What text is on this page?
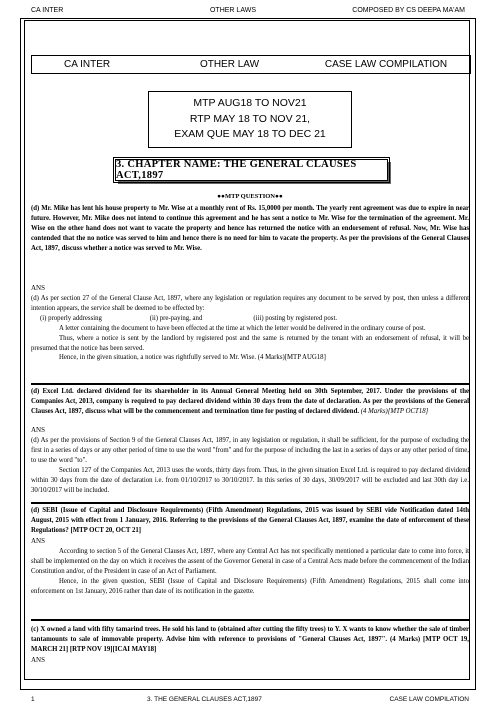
CA INTER	OTHER LAWS	COMPOSED BY CS DEEPA MA'AM
CA INTER	OTHER LAW	CASE LAW COMPILATION
MTP AUG18 TO NOV21
RTP MAY 18 TO NOV 21,
EXAM QUE MAY 18 TO DEC 21
3. CHAPTER NAME: THE GENERAL CLAUSES ACT,1897
●●MTP QUESTION●●
(d) Mr. Mike has lent his house property to Mr. Wise at a monthly rent of Rs. 15,0000 per month. The yearly rent agreement was due to expire in near future. However, Mr. Mike does not intend to continue this agreement and he has sent a notice to Mr. Wise for the termination of the agreement. Mr. Wise on the other hand does not want to vacate the property and hence has returned the notice with an endorsement of refusal. Now, Mr. Wise has contended that the no notice was served to him and hence there is no need for him to vacate the property. As per the provisions of the General Clauses Act, 1897, discuss whether a notice was served to Mr. Wise.
ANS
(d) As per section 27 of the General Clause Act, 1897, where any legislation or regulation requires any document to be served by post, then unless a different intention appears, the service shall be deemed to be effected by:
(i) properly addressing	(ii) pre-paying, and	(iii) posting by registered post.
A letter containing the document to have been effected at the time at which the letter would be delivered in the ordinary course of post.
Thus, where a notice is sent by the landlord by registered post and the same is returned by the tenant with an endorsement of refusal, it will be presumed that the notice has been served.
Hence, in the given situation, a notice was rightfully served to Mr. Wise. (4 Marks)[MTP AUG18]
(d) Excel Ltd. declared dividend for its shareholder in its Annual General Meeting held on 30th September, 2017. Under the provisions of the Companies Act, 2013, company is required to pay declared dividend within 30 days from the date of declaration. As per the provisions of the General Clauses Act, 1897, discuss what will be the commencement and termination time for posting of declared dividend. (4 Marks)[MTP OCT18]
ANS
(d) As per the provisions of Section 9 of the General Clauses Act, 1897, in any legislation or regulation, it shall be sufficient, for the purpose of excluding the first in a series of days or any other period of time to use the word "from" and for the purpose of including the last in a series of days or any other period of time, to use the word "to".
Section 127 of the Companies Act, 2013 uses the words, thirty days from. Thus, in the given situation Excel Ltd. is required to pay declared dividend within 30 days from the date of declaration i.e. from 01/10/2017 to 30/10/2017. In this series of 30 days, 30/09/2017 will be excluded and last 30th day i.e. 30/10/2017 will be included.
(d) SEBI (Issue of Capital and Disclosure Requirements) (Fifth Amendment) Regulations, 2015 was issued by SEBI vide Notification dated 14th August, 2015 with effect from 1 January, 2016. Referring to the provisions of the General Clauses Act, 1897, examine the date of enforcement of these Regulations? [MTP OCT 20, OCT 21]
ANS
According to section 5 of the General Clauses Act, 1897, where any Central Act has not specifically mentioned a particular date to come into force, it shall be implemented on the day on which it receives the assent of the Governor General in case of a Central Acts made before the commencement of the Indian Constitution and/or, of the President in case of an Act of Parliament.
Hence, in the given question, SEBI (Issue of Capital and Disclosure Requirements) (Fifth Amendment) Regulations, 2015 shall come into enforcement on 1st January, 2016 rather than date of its notification in the gazette.
(c) X owned a land with fifty tamarind trees. He sold his land to (obtained after cutting the fifty trees) to Y. X wants to know whether the sale of timber tantamounts to sale of immovable property. Advise him with reference to provisions of "General Clauses Act, 1897". (4 Marks) [MTP OCT 19, MARCH 21] [RTP NOV 19][ICAI MAY18]
ANS
1	3. THE GENERAL CLAUSES ACT,1897	CASE LAW COMPILATION
